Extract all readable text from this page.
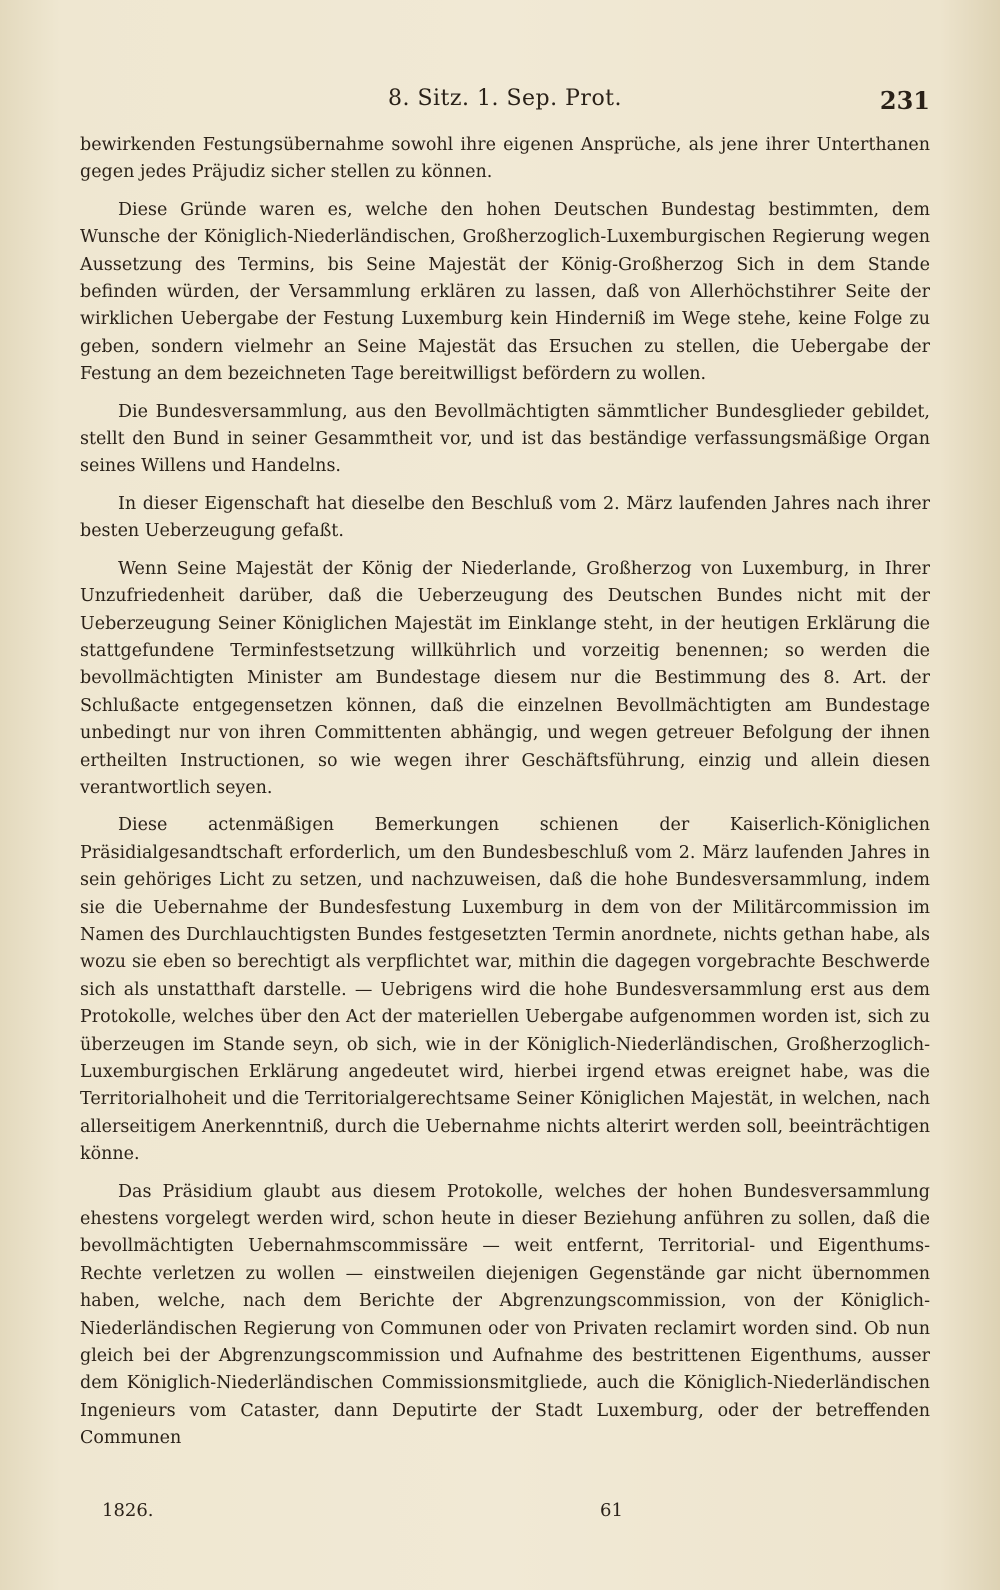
8. Sitz. 1. Sep. Prot.	231

bewirkenden Festungsübernahme sowohl ihre eigenen Ansprüche, als jene ihrer Unterthanen gegen jedes Präjudiz sicher stellen zu können.

Diese Gründe waren es, welche den hohen Deutschen Bundestag bestimmten, dem Wunsche der Königlich-Niederländischen, Großherzoglich-Luxemburgischen Regierung wegen Aussetzung des Termins, bis Seine Majestät der König-Großherzog Sich in dem Stande befinden würden, der Versammlung erklären zu lassen, daß von Allerhöchstihrer Seite der wirklichen Uebergabe der Festung Luxemburg kein Hinderniß im Wege stehe, keine Folge zu geben, sondern vielmehr an Seine Majestät das Ersuchen zu stellen, die Uebergabe der Festung an dem bezeichneten Tage bereitwilligst befördern zu wollen.

Die Bundesversammlung, aus den Bevollmächtigten sämmtlicher Bundesglieder gebildet, stellt den Bund in seiner Gesammtheit vor, und ist das beständige verfassungsmäßige Organ seines Willens und Handelns.

In dieser Eigenschaft hat dieselbe den Beschluß vom 2. März laufenden Jahres nach ihrer besten Ueberzeugung gefaßt.

Wenn Seine Majestät der König der Niederlande, Großherzog von Luxemburg, in Ihrer Unzufriedenheit darüber, daß die Ueberzeugung des Deutschen Bundes nicht mit der Ueberzeugung Seiner Königlichen Majestät im Einklange steht, in der heutigen Erklärung die stattgefundene Terminfestsetzung willkührlich und vorzeitig benennen; so werden die bevollmächtigten Minister am Bundestage diesem nur die Bestimmung des 8. Art. der Schlußacte entgegensetzen können, daß die einzelnen Bevollmächtigten am Bundestage unbedingt nur von ihren Committenten abhängig, und wegen getreuer Befolgung der ihnen ertheilten Instructionen, so wie wegen ihrer Geschäftsführung, einzig und allein diesen verantwortlich seyen.

Diese actenmäßigen Bemerkungen schienen der Kaiserlich-Königlichen Präsidialgesandtschaft erforderlich, um den Bundesbeschluß vom 2. März laufenden Jahres in sein gehöriges Licht zu setzen, und nachzuweisen, daß die hohe Bundesversammlung, indem sie die Uebernahme der Bundesfestung Luxemburg in dem von der Militärcommission im Namen des Durchlauchtigsten Bundes festgesetzten Termin anordnete, nichts gethan habe, als wozu sie eben so berechtigt als verpflichtet war, mithin die dagegen vorgebrachte Beschwerde sich als unstatthaft darstelle. — Uebrigens wird die hohe Bundesversammlung erst aus dem Protokolle, welches über den Act der materiellen Uebergabe aufgenommen worden ist, sich zu überzeugen im Stande seyn, ob sich, wie in der Königlich-Niederländischen, Großherzoglich-Luxemburgischen Erklärung angedeutet wird, hierbei irgend etwas ereignet habe, was die Territorialhoheit und die Territorialgerechtsame Seiner Königlichen Majestät, in welchen, nach allerseitigem Anerkenntniß, durch die Uebernahme nichts alterirt werden soll, beeinträchtigen könne.

Das Präsidium glaubt aus diesem Protokolle, welches der hohen Bundesversammlung ehestens vorgelegt werden wird, schon heute in dieser Beziehung anführen zu sollen, daß die bevollmächtigten Uebernahmscommissäre — weit entfernt, Territorial- und Eigenthums-Rechte verletzen zu wollen — einstweilen diejenigen Gegenstände gar nicht übernommen haben, welche, nach dem Berichte der Abgrenzungscommission, von der Königlich-Niederländischen Regierung von Communen oder von Privaten reclamirt worden sind. Ob nun gleich bei der Abgrenzungscommission und Aufnahme des bestrittenen Eigenthums, ausser dem Königlich-Niederländischen Commissionsmitgliede, auch die Königlich-Niederländischen Ingenieurs vom Cataster, dann Deputirte der Stadt Luxemburg, oder der betreffenden Communen

1826.	61
